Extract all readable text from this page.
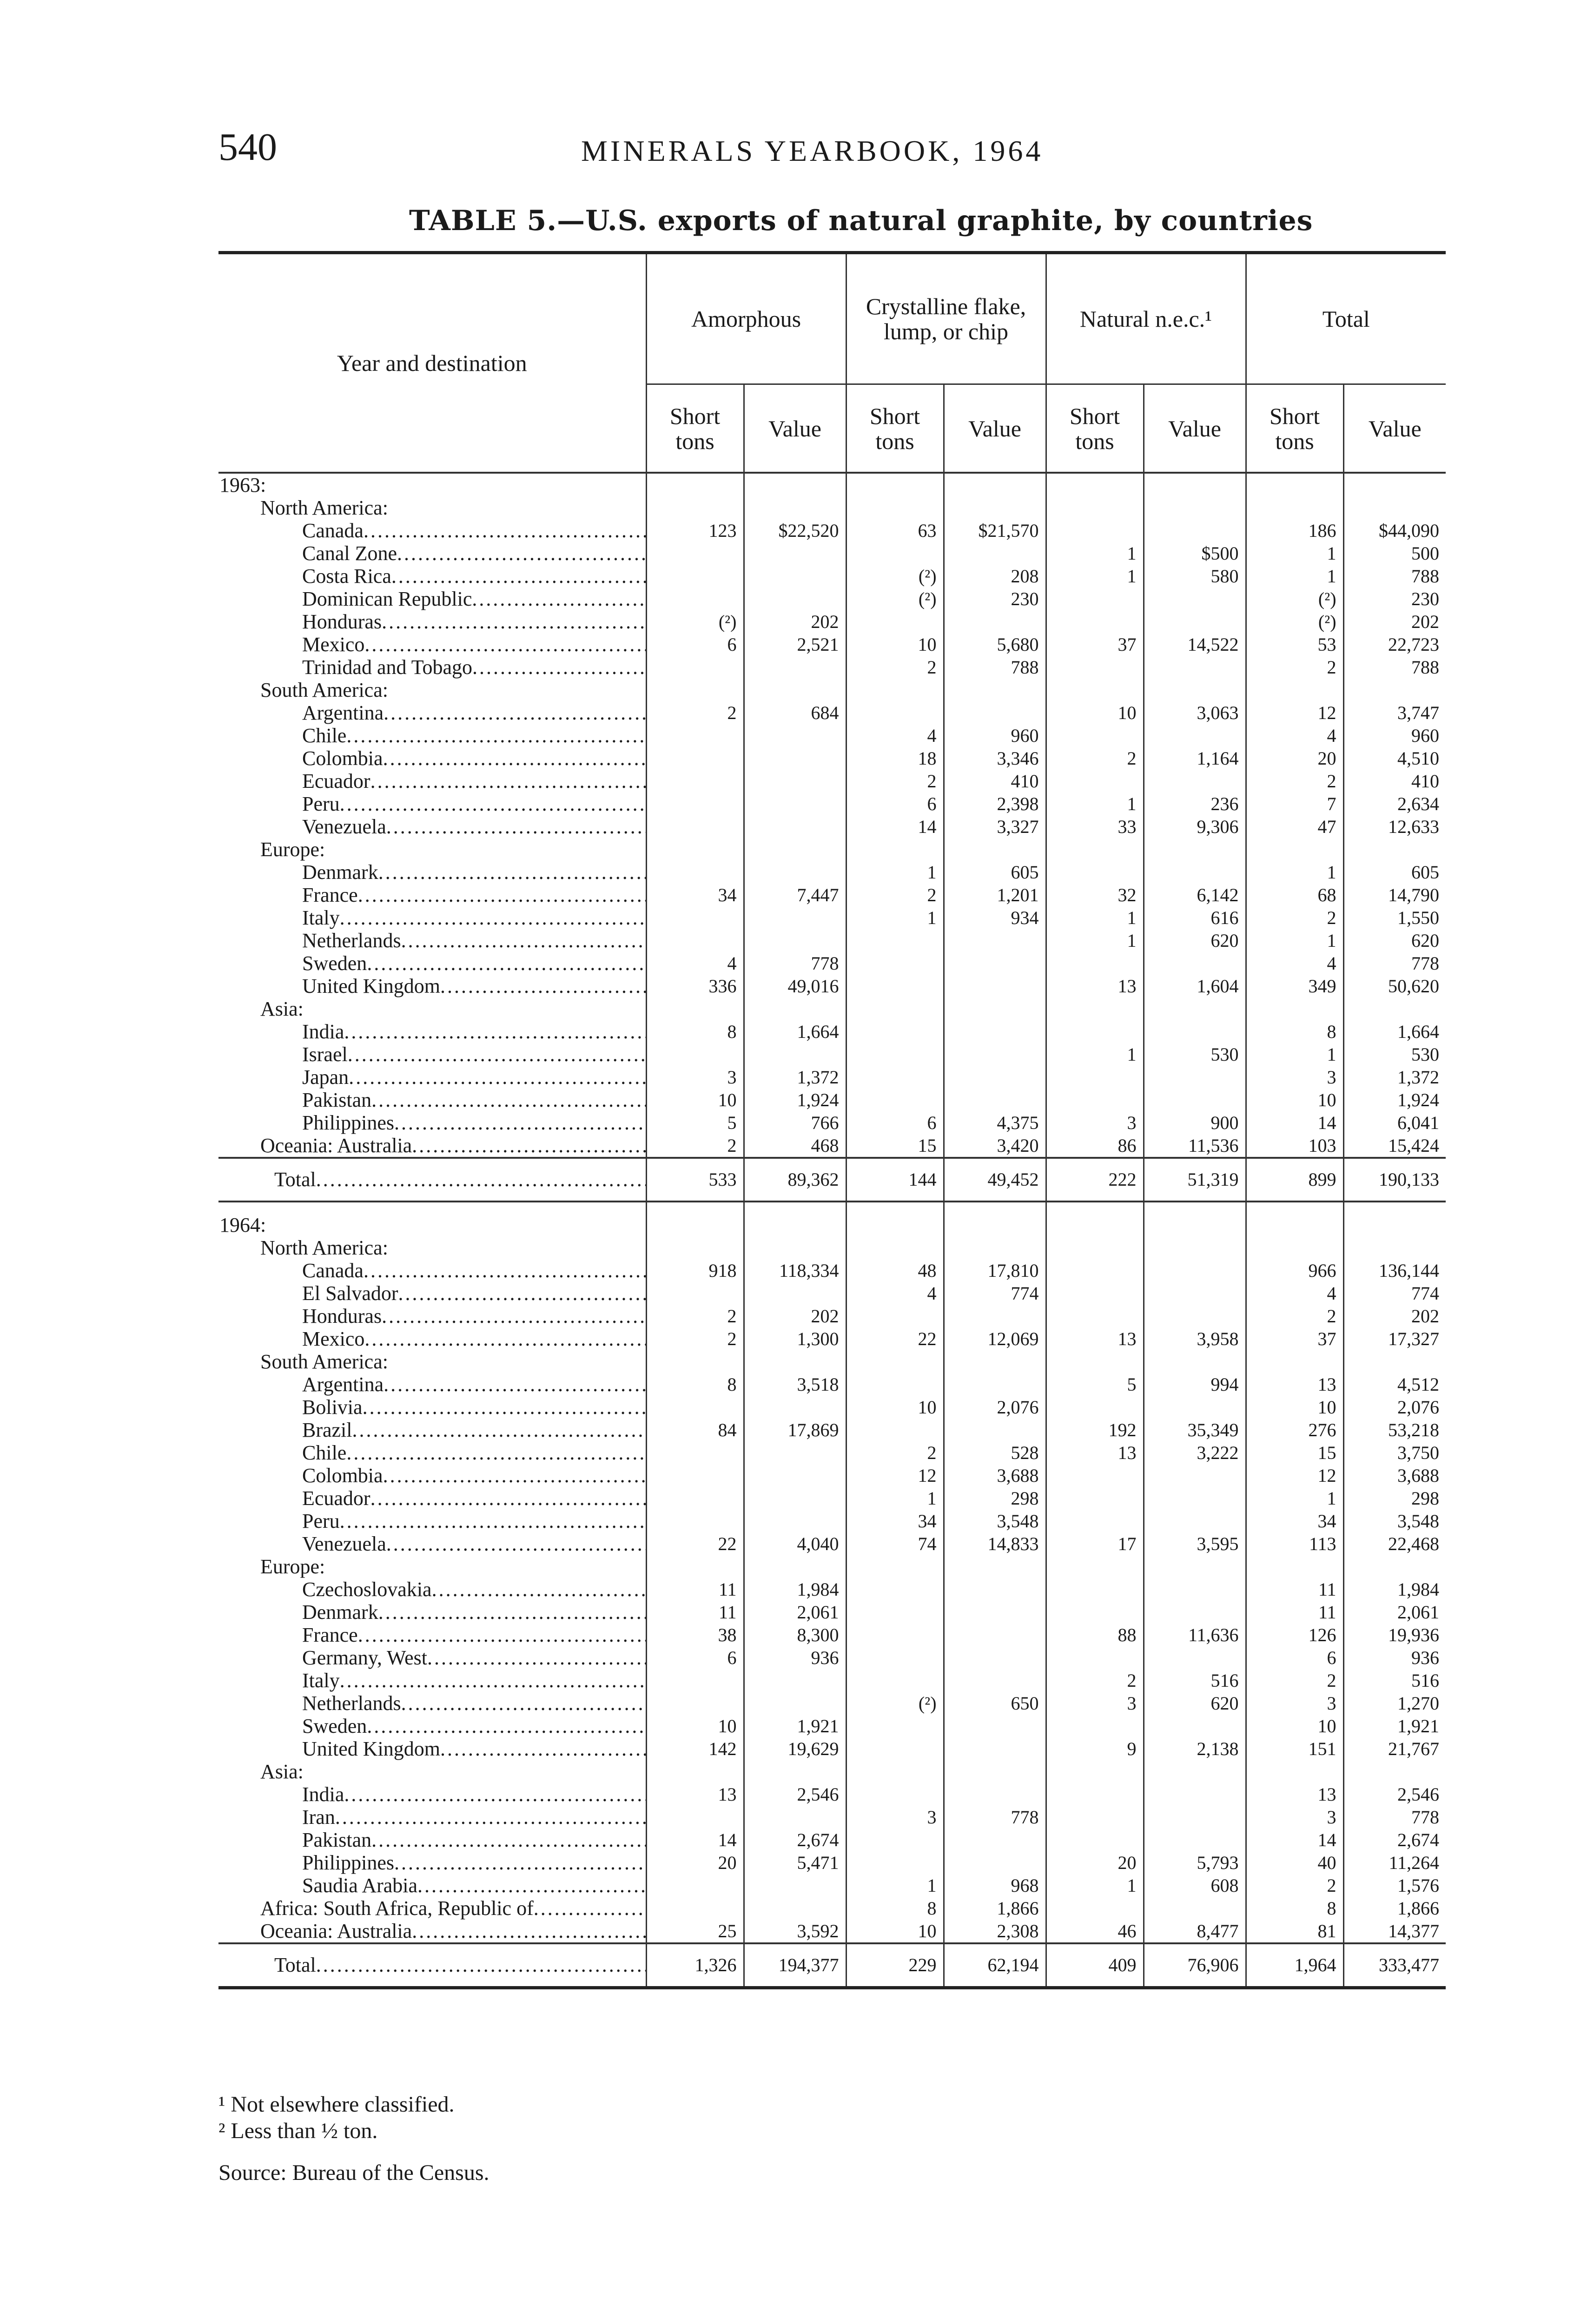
540	MINERALS YEARBOOK, 1964
TABLE 5.—U.S. exports of natural graphite, by countries
Year and destination	Amorphous		Crystalline flake, lump, or chip		Natural n.e.c.¹		Total	
	Short tons	Value	Short tons	Value	Short tons	Value	Short tons	Value
1963:								
North America:								
Canada .....	123	$22,520	63	$21,570			186	$44,090
Canal Zone .....					1	$500	1	500
Costa Rica .....			(²)	208	1	580	1	788
Dominican Republic .....			(²)	230			(²)	230
Honduras .....	(²)	202					(²)	202
Mexico .....	6	2,521	10	5,680	37	14,522	53	22,723
Trinidad and Tobago .....			2	788			2	788
South America:								
Argentina .....	2	684			10	3,063	12	3,747
Chile .....			4	960			4	960
Colombia .....			18	3,346	2	1,164	20	4,510
Ecuador .....			2	410			2	410
Peru .....			6	2,398	1	236	7	2,634
Venezuela .....			14	3,327	33	9,306	47	12,633
Europe:								
Denmark .....			1	605			1	605
France .....	34	7,447	2	1,201	32	6,142	68	14,790
Italy .....			1	934	1	616	2	1,550
Netherlands .....					1	620	1	620
Sweden .....	4	778					4	778
United Kingdom .....	336	49,016			13	1,604	349	50,620
Asia:								
India .....	8	1,664					8	1,664
Israel .....					1	530	1	530
Japan .....	3	1,372					3	1,372
Pakistan .....	10	1,924					10	1,924
Philippines .....	5	766	6	4,375	3	900	14	6,041
Oceania: Australia .....	2	468	15	3,420	86	11,536	103	15,424
Total .....	533	89,362	144	49,452	222	51,319	899	190,133

1964:								
North America:								
Canada .....	918	118,334	48	17,810			966	136,144
El Salvador .....			4	774			4	774
Honduras .....	2	202					2	202
Mexico .....	2	1,300	22	12,069	13	3,958	37	17,327
South America:								
Argentina .....	8	3,518			5	994	13	4,512
Bolivia .....			10	2,076			10	2,076
Brazil .....	84	17,869			192	35,349	276	53,218
Chile .....			2	528	13	3,222	15	3,750
Colombia .....			12	3,688			12	3,688
Ecuador .....			1	298			1	298
Peru .....			34	3,548			34	3,548
Venezuela .....	22	4,040	74	14,833	17	3,595	113	22,468
Europe:								
Czechoslovakia .....	11	1,984					11	1,984
Denmark .....	11	2,061					11	2,061
France .....	38	8,300			88	11,636	126	19,936
Germany, West .....	6	936					6	936
Italy .....					2	516	2	516
Netherlands .....			(²)	650	3	620	3	1,270
Sweden .....	10	1,921					10	1,921
United Kingdom .....	142	19,629			9	2,138	151	21,767
Asia:								
India .....	13	2,546					13	2,546
Iran .....			3	778			3	778
Pakistan .....	14	2,674					14	2,674
Philippines .....	20	5,471			20	5,793	40	11,264
Saudia Arabia .....			1	968	1	608	2	1,576
Africa: South Africa, Republic of .....			8	1,866			8	1,866
Oceania: Australia .....	25	3,592	10	2,308	46	8,477	81	14,377
Total .....	1,326	194,377	229	62,194	409	76,906	1,964	333,477
¹ Not elsewhere classified.
² Less than ½ ton.
Source: Bureau of the Census.
